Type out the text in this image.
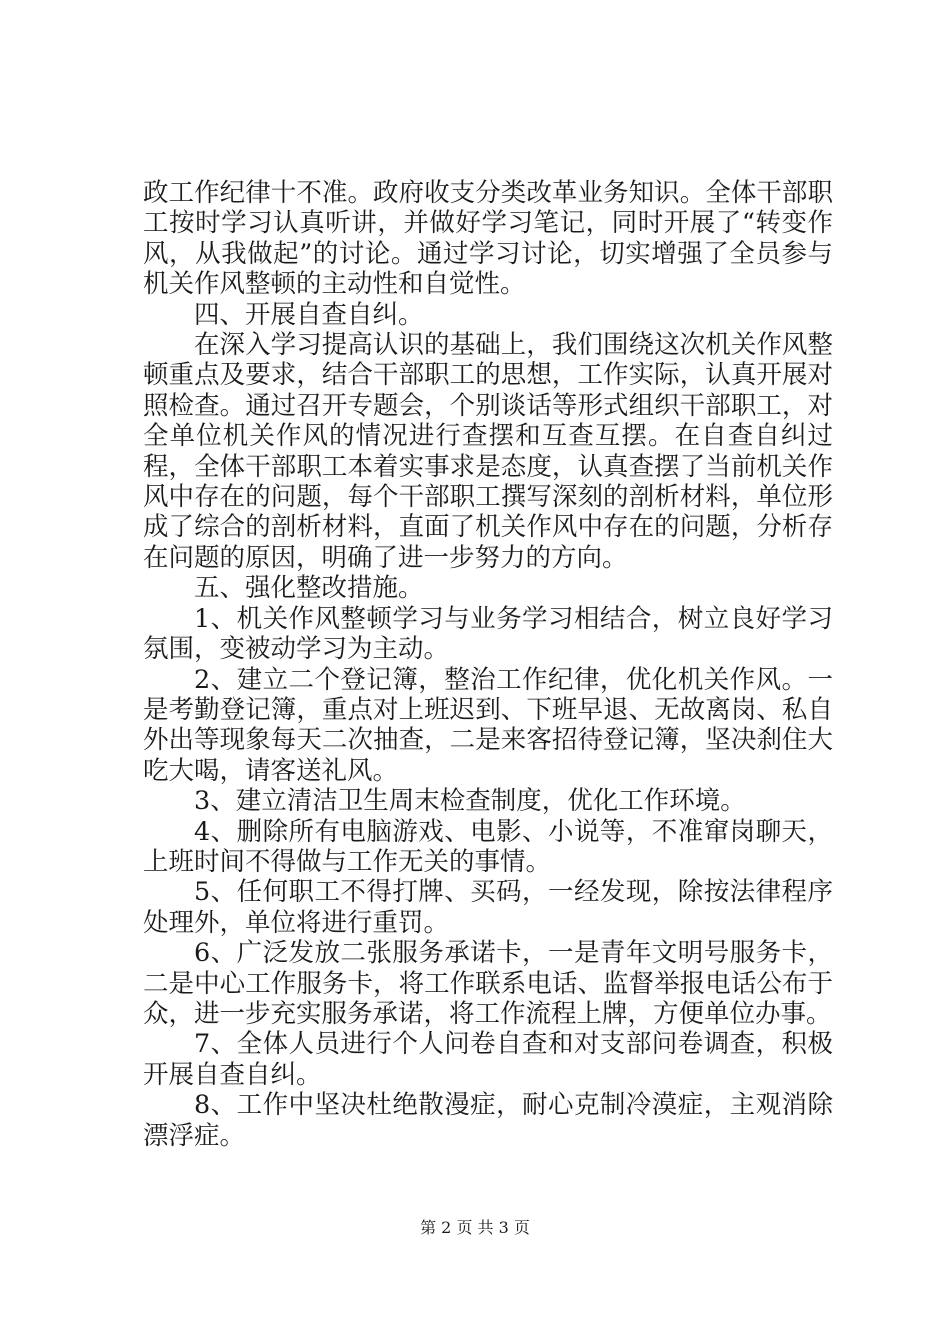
政工作纪律十不准。政府收支分类改革业务知识。全体干部职工按时学习认真听讲，并做好学习笔记，同时开展了“转变作风，从我做起”的讨论。通过学习讨论，切实增强了全员参与机关作风整顿的主动性和自觉性。

四、开展自查自纠。

在深入学习提高认识的基础上，我们围绕这次机关作风整顿重点及要求，结合干部职工的思想，工作实际，认真开展对照检查。通过召开专题会，个别谈话等形式组织干部职工，对全单位机关作风的情况进行查摆和互查互摆。在自查自纠过程，全体干部职工本着实事求是态度，认真查摆了当前机关作风中存在的问题，每个干部职工撰写深刻的剖析材料，单位形成了综合的剖析材料，直面了机关作风中存在的问题，分析存在问题的原因，明确了进一步努力的方向。

五、强化整改措施。

1、机关作风整顿学习与业务学习相结合，树立良好学习氛围，变被动学习为主动。

2、建立二个登记簿，整治工作纪律，优化机关作风。一是考勤登记簿，重点对上班迟到、下班早退、无故离岗、私自外出等现象每天二次抽查，二是来客招待登记簿，坚决刹住大吃大喝，请客送礼风。

3、建立清洁卫生周末检查制度，优化工作环境。

4、删除所有电脑游戏、电影、小说等，不准窜岗聊天，上班时间不得做与工作无关的事情。

5、任何职工不得打牌、买码，一经发现，除按法律程序处理外，单位将进行重罚。

6、广泛发放二张服务承诺卡，一是青年文明号服务卡，二是中心工作服务卡，将工作联系电话、监督举报电话公布于众，进一步充实服务承诺，将工作流程上牌，方便单位办事。

7、全体人员进行个人问卷自查和对支部问卷调查，积极开展自查自纠。

8、工作中坚决杜绝散漫症，耐心克制冷漠症，主观消除漂浮症。

第 2 页 共 3 页
